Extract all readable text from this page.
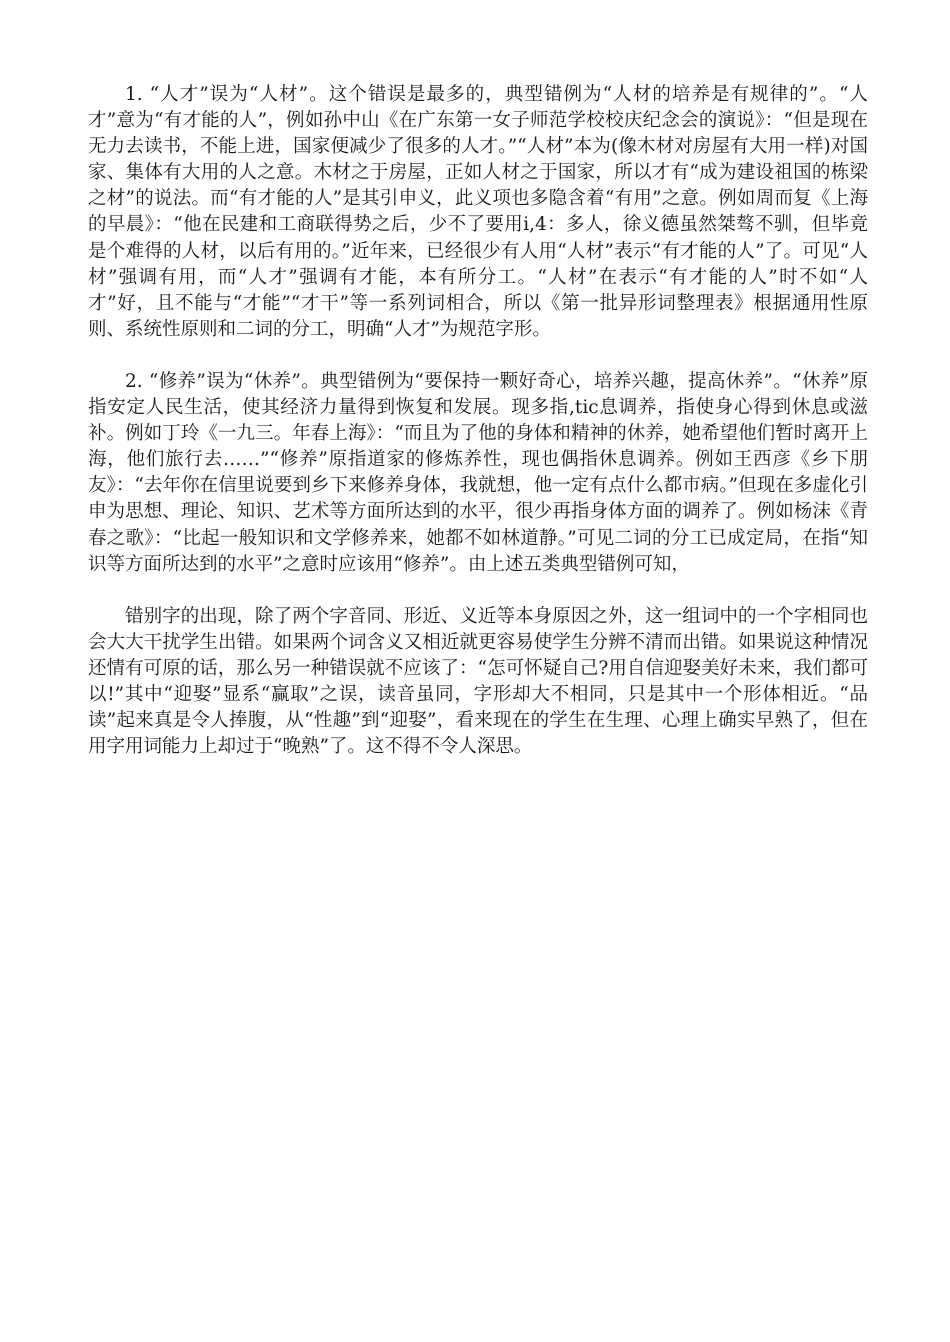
1. “人才”误为“人材”。这个错误是最多的，典型错例为“人材的培养是有规律的”。“人才”意为“有才能的人”，例如孙中山《在广东第一女子师范学校校庆纪念会的演说》：“但是现在无力去读书，不能上进，国家便减少了很多的人才。”“人材”本为(像木材对房屋有大用一样)对国家、集体有大用的人之意。木材之于房屋，正如人材之于国家，所以才有“成为建设祖国的栋梁之材”的说法。而“有才能的人”是其引申义，此义项也多隐含着“有用”之意。例如周而复《上海的早晨》：“他在民建和工商联得势之后，少不了要用i,4：多人，徐义德虽然桀骜不驯，但毕竟是个难得的人材，以后有用的。”近年来，已经很少有人用“人材”表示“有才能的人”了。可见“人材”强调有用，而“人才”强调有才能，本有所分工。“人材”在表示“有才能的人”时不如“人才”好，且不能与“才能”“才干”等一系列词相合，所以《第一批异形词整理表》根据通用性原则、系统性原则和二词的分工，明确“人才”为规范字形。

2. “修养”误为“休养”。典型错例为“要保持一颗好奇心，培养兴趣，提高休养”。“休养”原指安定人民生活，使其经济力量得到恢复和发展。现多指,tic息调养，指使身心得到休息或滋补。例如丁玲《一九三。年春上海》：“而且为了他的身体和精神的休养，她希望他们暂时离开上海，他们旅行去……”“修养”原指道家的修炼养性，现也偶指休息调养。例如王西彦《乡下朋友》：“去年你在信里说要到乡下来修养身体，我就想，他一定有点什么都市病。”但现在多虚化引申为思想、理论、知识、艺术等方面所达到的水平，很少再指身体方面的调养了。例如杨沫《青春之歌》：“比起一般知识和文学修养来，她都不如林道静。”可见二词的分工已成定局，在指“知识等方面所达到的水平”之意时应该用“修养”。由上述五类典型错例可知，

错别字的出现，除了两个字音同、形近、义近等本身原因之外，这一组词中的一个字相同也会大大干扰学生出错。如果两个词含义又相近就更容易使学生分辨不清而出错。如果说这种情况还情有可原的话，那么另一种错误就不应该了：“怎可怀疑自己?用自信迎娶美好未来，我们都可以!”其中“迎娶”显系“赢取”之误，读音虽同，字形却大不相同，只是其中一个形体相近。“品读”起来真是令人捧腹，从“性趣”到“迎娶”，看来现在的学生在生理、心理上确实早熟了，但在用字用词能力上却过于“晚熟”了。这不得不令人深思。
